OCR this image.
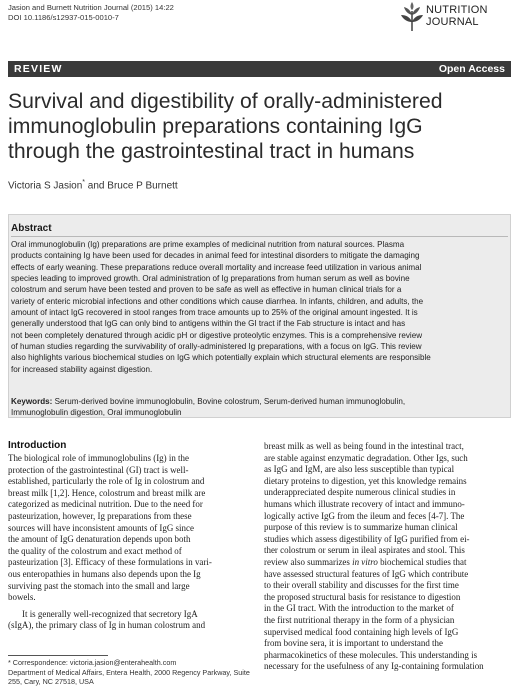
Jasion and Burnett Nutrition Journal (2015) 14:22
DOI 10.1186/s12937-015-0010-7
NUTRITION
JOURNAL
REVIEW	Open Access
Survival and digestibility of orally-administered
immunoglobulin preparations containing IgG
through the gastrointestinal tract in humans
Victoria S Jasion* and Bruce P Burnett
Abstract
Oral immunoglobulin (Ig) preparations are prime examples of medicinal nutrition from natural sources. Plasma
products containing Ig have been used for decades in animal feed for intestinal disorders to mitigate the damaging
effects of early weaning. These preparations reduce overall mortality and increase feed utilization in various animal
species leading to improved growth. Oral administration of Ig preparations from human serum as well as bovine
colostrum and serum have been tested and proven to be safe as well as effective in human clinical trials for a
variety of enteric microbial infections and other conditions which cause diarrhea. In infants, children, and adults, the
amount of intact IgG recovered in stool ranges from trace amounts up to 25% of the original amount ingested. It is
generally understood that IgG can only bind to antigens within the GI tract if the Fab structure is intact and has
not been completely denatured through acidic pH or digestive proteolytic enzymes. This is a comprehensive review
of human studies regarding the survivability of orally-administered Ig preparations, with a focus on IgG. This review
also highlights various biochemical studies on IgG which potentially explain which structural elements are responsible
for increased stability against digestion.
Keywords: Serum-derived bovine immunoglobulin, Bovine colostrum, Serum-derived human immunoglobulin,
Immunoglobulin digestion, Oral immunoglobulin
Introduction
The biological role of immunoglobulins (Ig) in the
protection of the gastrointestinal (GI) tract is well-
established, particularly the role of Ig in colostrum and
breast milk [1,2]. Hence, colostrum and breast milk are
categorized as medicinal nutrition. Due to the need for
pasteurization, however, Ig preparations from these
sources will have inconsistent amounts of IgG since
the amount of IgG denaturation depends upon both
the quality of the colostrum and exact method of
pasteurization [3]. Efficacy of these formulations in vari-
ous enteropathies in humans also depends upon the Ig
surviving past the stomach into the small and large
bowels.
It is generally well-recognized that secretory IgA
(sIgA), the primary class of Ig in human colostrum and
breast milk as well as being found in the intestinal tract,
are stable against enzymatic degradation. Other Igs, such
as IgG and IgM, are also less susceptible than typical
dietary proteins to digestion, yet this knowledge remains
underappreciated despite numerous clinical studies in
humans which illustrate recovery of intact and immuno-
logically active IgG from the ileum and feces [4-7]. The
purpose of this review is to summarize human clinical
studies which assess digestibility of IgG purified from ei-
ther colostrum or serum in ileal aspirates and stool. This
review also summarizes in vitro biochemical studies that
have assessed structural features of IgG which contribute
to their overall stability and discusses for the first time
the proposed structural basis for resistance to digestion
in the GI tract. With the introduction to the market of
the first nutritional therapy in the form of a physician
supervised medical food containing high levels of IgG
from bovine sera, it is important to understand the
pharmacokinetics of these molecules. This understanding is
necessary for the usefulness of any Ig-containing formulation
* Correspondence: victoria.jasion@enterahealth.com
Department of Medical Affairs, Entera Health, 2000 Regency Parkway, Suite
255, Cary, NC 27518, USA
